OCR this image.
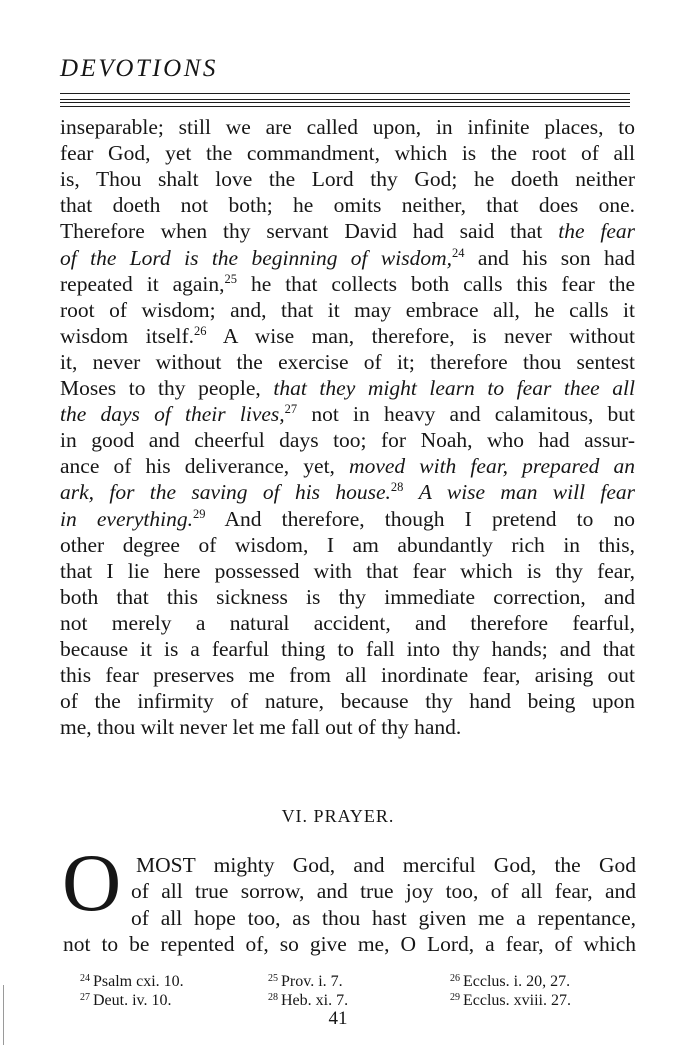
DEVOTIONS
inseparable; still we are called upon, in infinite places, to
fear God, yet the commandment, which is the root of all
is, Thou shalt love the Lord thy God; he doeth neither
that doeth not both; he omits neither, that does one.
Therefore when thy servant David had said that the fear
of the Lord is the beginning of wisdom,$^{24}$ and his son had
repeated it again,$^{25}$ he that collects both calls this fear the
root of wisdom; and, that it may embrace all, he calls it
wisdom itself.$^{26}$ A wise man, therefore, is never without
it, never without the exercise of it; therefore thou sentest
Moses to thy people, that they might learn to fear thee all
the days of their lives,$^{27}$ not in heavy and calamitous, but
in good and cheerful days too; for Noah, who had assur-
ance of his deliverance, yet, moved with fear, prepared an
ark, for the saving of his house.$^{28}$ A wise man will fear
in everything.$^{29}$ And therefore, though I pretend to no
other degree of wisdom, I am abundantly rich in this,
that I lie here possessed with that fear which is thy fear,
both that this sickness is thy immediate correction, and
not merely a natural accident, and therefore fearful,
because it is a fearful thing to fall into thy hands; and that
this fear preserves me from all inordinate fear, arising out
of the infirmity of nature, because thy hand being upon
me, thou wilt never let me fall out of thy hand.
VI. PRAYER.
O MOST mighty God, and merciful God, the God
of all true sorrow, and true joy too, of all fear, and
of all hope too, as thou hast given me a repentance,
not to be repented of, so give me, O Lord, a fear, of which
$^{24}$ Psalm cxi. 10.	$^{25}$ Prov. i. 7.	$^{26}$ Ecclus. i. 20, 27.
$^{27}$ Deut. iv. 10.	$^{28}$ Heb. xi. 7.	$^{29}$ Ecclus. xviii. 27.
41
